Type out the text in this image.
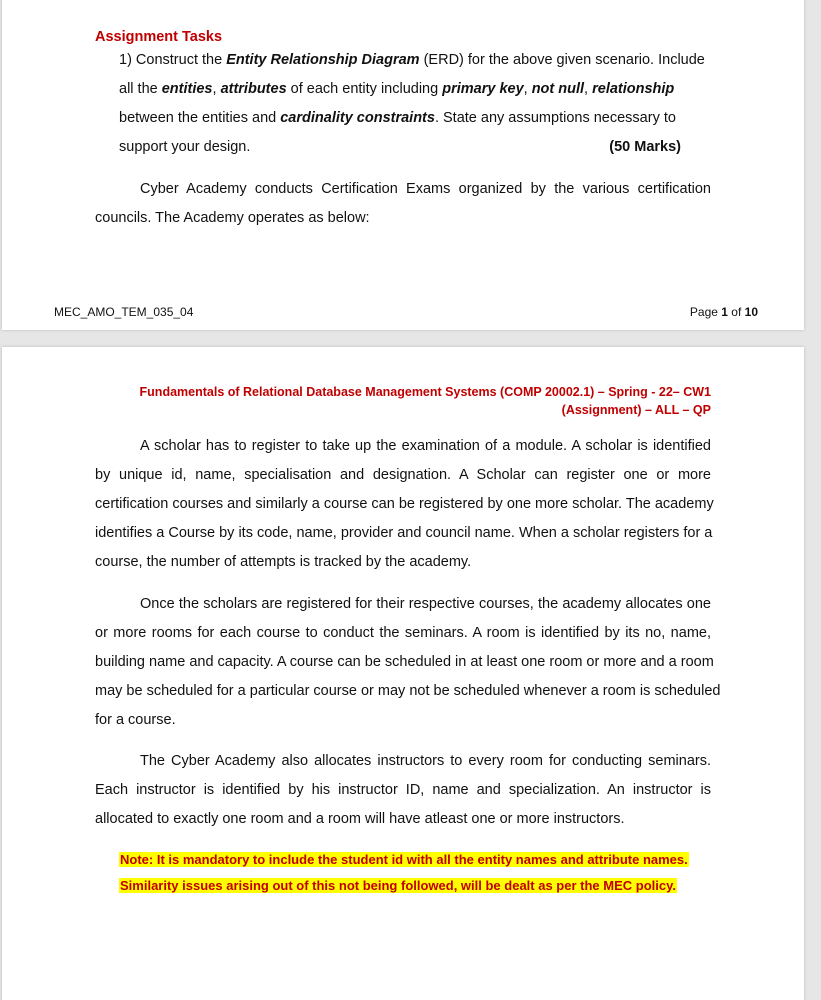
Assignment Tasks
1) Construct the Entity Relationship Diagram (ERD) for the above given scenario. Include
all the entities, attributes of each entity including primary key, not null, relationship
between the entities and cardinality constraints. State any assumptions necessary to
support your design.	(50 Marks)
Cyber Academy conducts Certification Exams organized by the various certification
councils. The Academy operates as below:
MEC_AMO_TEM_035_04	Page 1 of 10
Fundamentals of Relational Database Management Systems (COMP 20002.1) – Spring - 22– CW1
(Assignment) – ALL – QP
A scholar has to register to take up the examination of a module. A scholar is identified
by unique id, name, specialisation and designation. A Scholar can register one or more
certification courses and similarly a course can be registered by one more scholar. The academy
identifies a Course by its code, name, provider and council name. When a scholar registers for a
course, the number of attempts is tracked by the academy.
Once the scholars are registered for their respective courses, the academy allocates one
or more rooms for each course to conduct the seminars. A room is identified by its no, name,
building name and capacity. A course can be scheduled in at least one room or more and a room
may be scheduled for a particular course or may not be scheduled whenever a room is scheduled
for a course.
The Cyber Academy also allocates instructors to every room for conducting seminars.
Each instructor is identified by his instructor ID, name and specialization. An instructor is
allocated to exactly one room and a room will have atleast one or more instructors.
Note: It is mandatory to include the student id with all the entity names and attribute names.
Similarity issues arising out of this not being followed, will be dealt as per the MEC policy.
